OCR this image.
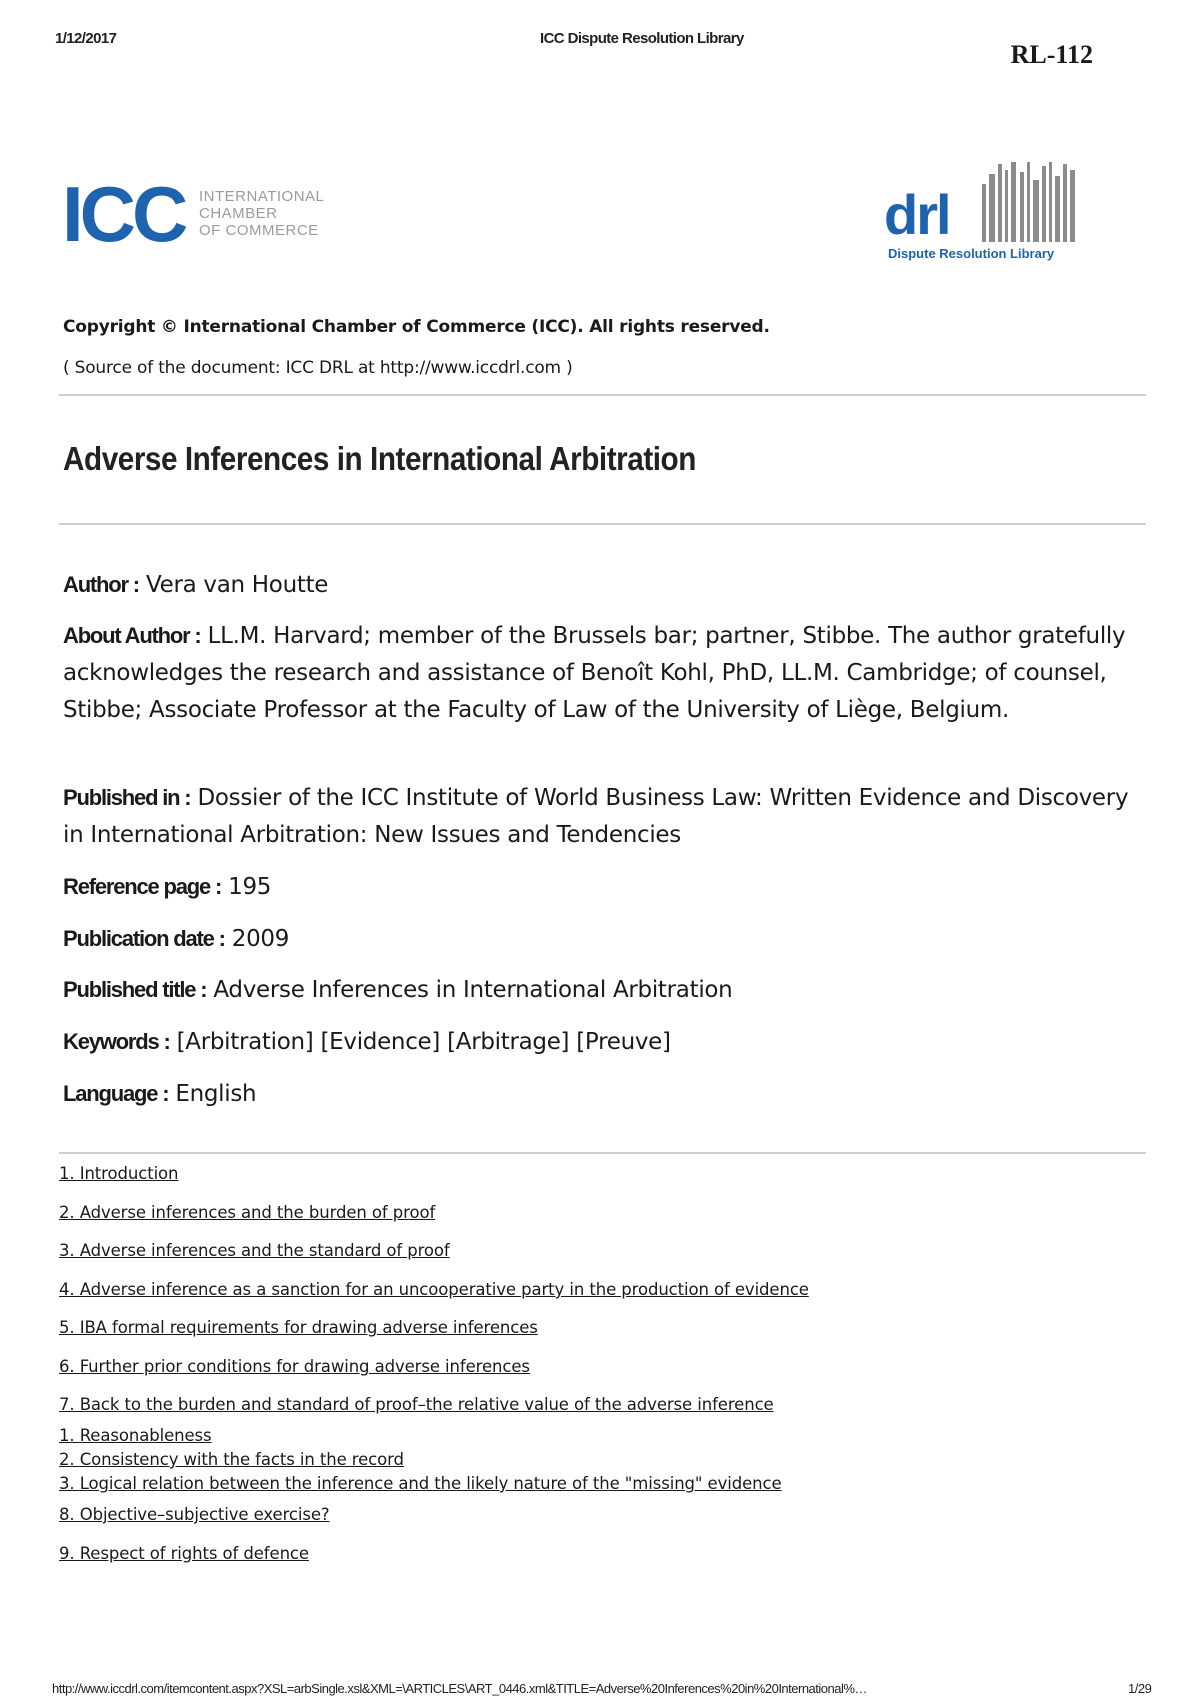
1/12/2017	ICC Dispute Resolution Library
RL-112
ICC INTERNATIONAL
CHAMBER
OF COMMERCE	drl
Dispute Resolution Library
Copyright © International Chamber of Commerce (ICC). All rights reserved.
( Source of the document: ICC DRL at http://www.iccdrl.com )
Adverse Inferences in International Arbitration
Author : Vera van Houtte
About Author : LL.M. Harvard; member of the Brussels bar; partner, Stibbe. The author gratefully acknowledges the research and assistance of Benoît Kohl, PhD, LL.M. Cambridge; of counsel, Stibbe; Associate Professor at the Faculty of Law of the University of Liège, Belgium.
Published in : Dossier of the ICC Institute of World Business Law: Written Evidence and Discovery in International Arbitration: New Issues and Tendencies
Reference page : 195
Publication date : 2009
Published title : Adverse Inferences in International Arbitration
Keywords : [Arbitration] [Evidence] [Arbitrage] [Preuve]
Language : English
1. Introduction
2. Adverse inferences and the burden of proof
3. Adverse inferences and the standard of proof
4. Adverse inference as a sanction for an uncooperative party in the production of evidence
5. IBA formal requirements for drawing adverse inferences
6. Further prior conditions for drawing adverse inferences
7. Back to the burden and standard of proof–the relative value of the adverse inference
1. Reasonableness
2. Consistency with the facts in the record
3. Logical relation between the inference and the likely nature of the "missing" evidence
8. Objective–subjective exercise?
9. Respect of rights of defence
http://www.iccdrl.com/itemcontent.aspx?XSL=arbSingle.xsl&XML=\ARTICLES\ART_0446.xml&TITLE=Adverse%20Inferences%20in%20International%…	1/29
